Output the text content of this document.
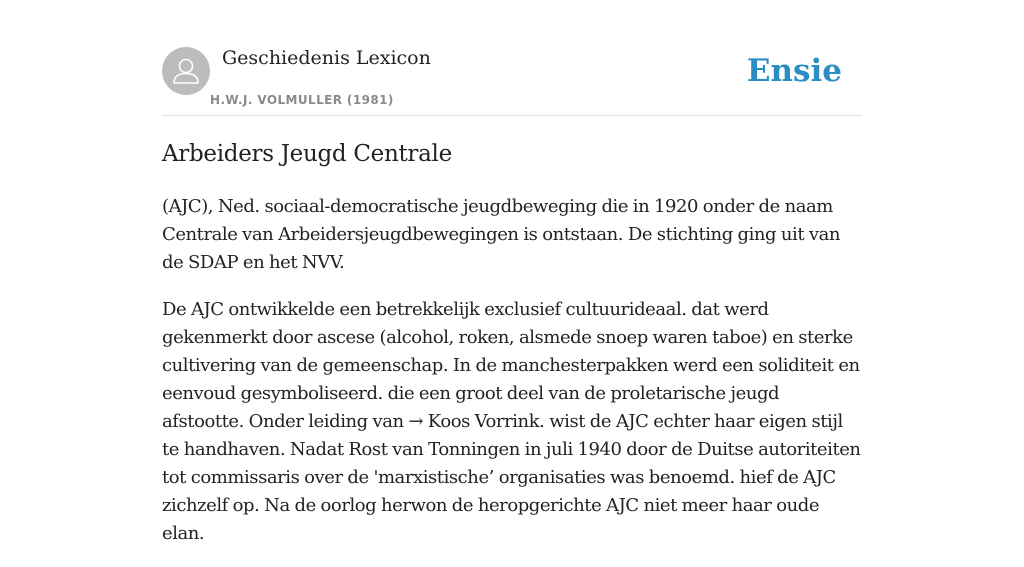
Geschiedenis Lexicon
H.W.J. VOLMULLER (1981)
Ensie
Arbeiders Jeugd Centrale

(AJC), Ned. sociaal-democratische jeugdbeweging die in 1920 onder de naam Centrale van Arbeidersjeugdbewegingen is ontstaan. De stichting ging uit van de SDAP en het NVV.

De AJC ontwikkelde een betrekkelijk exclusief cultuurideaal. dat werd gekenmerkt door ascese (alcohol, roken, alsmede snoep waren taboe) en sterke cultivering van de gemeenschap. In de manchesterpakken werd een soliditeit en eenvoud gesymboliseerd. die een groot deel van de proletarische jeugd afstootte. Onder leiding van → Koos Vorrink. wist de AJC echter haar eigen stijl te handhaven. Nadat Rost van Tonningen in juli 1940 door de Duitse autoriteiten tot commissaris over de 'marxistische’ organisaties was benoemd. hief de AJC zichzelf op. Na de oorlog herwon de heropgerichte AJC niet meer haar oude elan.
